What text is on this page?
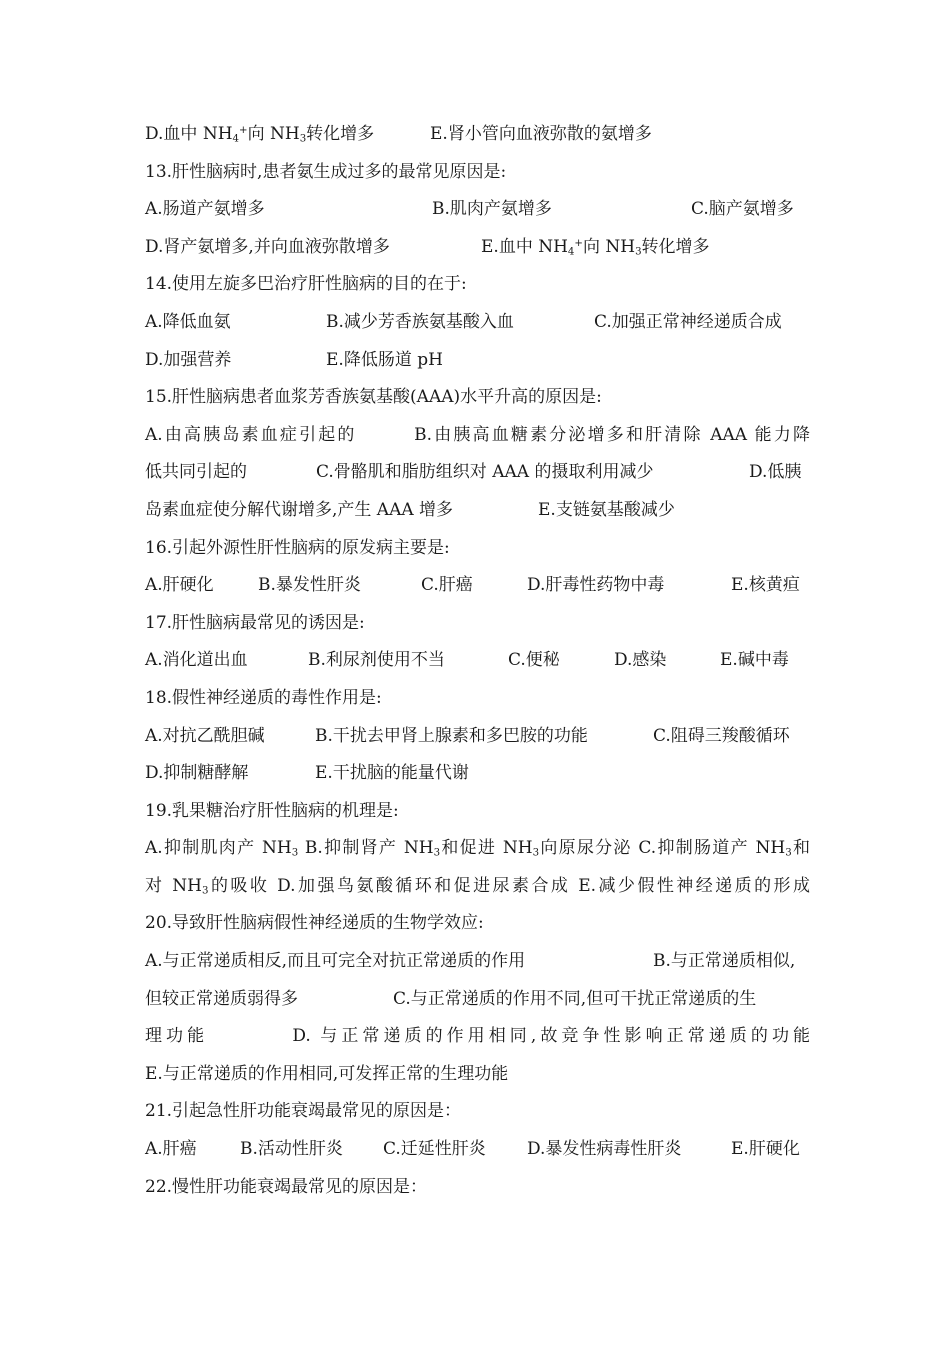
D.血中 $NH_4^+$向 $NH_3$转化增多	E.肾小管向血液弥散的氨增多
13.肝性脑病时,患者氨生成过多的最常见原因是:
A.肠道产氨增多	B.肌肉产氨增多	C.脑产氨增多
D.肾产氨增多,并向血液弥散增多	E.血中 $NH_4^+$向 $NH_3$转化增多
14.使用左旋多巴治疗肝性脑病的目的在于:
A.降低血氨	B.减少芳香族氨基酸入血	C.加强正常神经递质合成
D.加强营养	E.降低肠道 pH
15.肝性脑病患者血浆芳香族氨基酸(AAA)水平升高的原因是:
A.由高胰岛素血症引起的　　　B.由胰高血糖素分泌增多和肝清除 AAA 能力降
低共同引起的	C.骨骼肌和脂肪组织对 AAA 的摄取利用减少	D.低胰
岛素血症使分解代谢增多,产生 AAA 增多	E.支链氨基酸减少
16.引起外源性肝性脑病的原发病主要是:
A.肝硬化	B.暴发性肝炎	C.肝癌	D.肝毒性药物中毒	E.核黄疸
17.肝性脑病最常见的诱因是:
A.消化道出血	B.利尿剂使用不当	C.便秘	D.感染	E.碱中毒
18.假性神经递质的毒性作用是:
A.对抗乙酰胆碱	B.干扰去甲肾上腺素和多巴胺的功能	C.阻碍三羧酸循环
D.抑制糖酵解	E.干扰脑的能量代谢
19.乳果糖治疗肝性脑病的机理是:
A.抑制肌肉产 $NH_3$ B.抑制肾产 $NH_3$和促进 $NH_3$向原尿分泌 C.抑制肠道产 $NH_3$和
对 $NH_3$的吸收 D.加强鸟氨酸循环和促进尿素合成 E.减少假性神经递质的形成
20.导致肝性脑病假性神经递质的生物学效应:
A.与正常递质相反,而且可完全对抗正常递质的作用	B.与正常递质相似,
但较正常递质弱得多	C.与正常递质的作用不同,但可干扰正常递质的生
理功能　　　　D. 与正常递质的作用相同,故竞争性影响正常递质的功能
E.与正常递质的作用相同,可发挥正常的生理功能
21.引起急性肝功能衰竭最常见的原因是：
A.肝癌	B.活动性肝炎 C.迁延性肝炎 D.暴发性病毒性肝炎	E.肝硬化
22.慢性肝功能衰竭最常见的原因是：
